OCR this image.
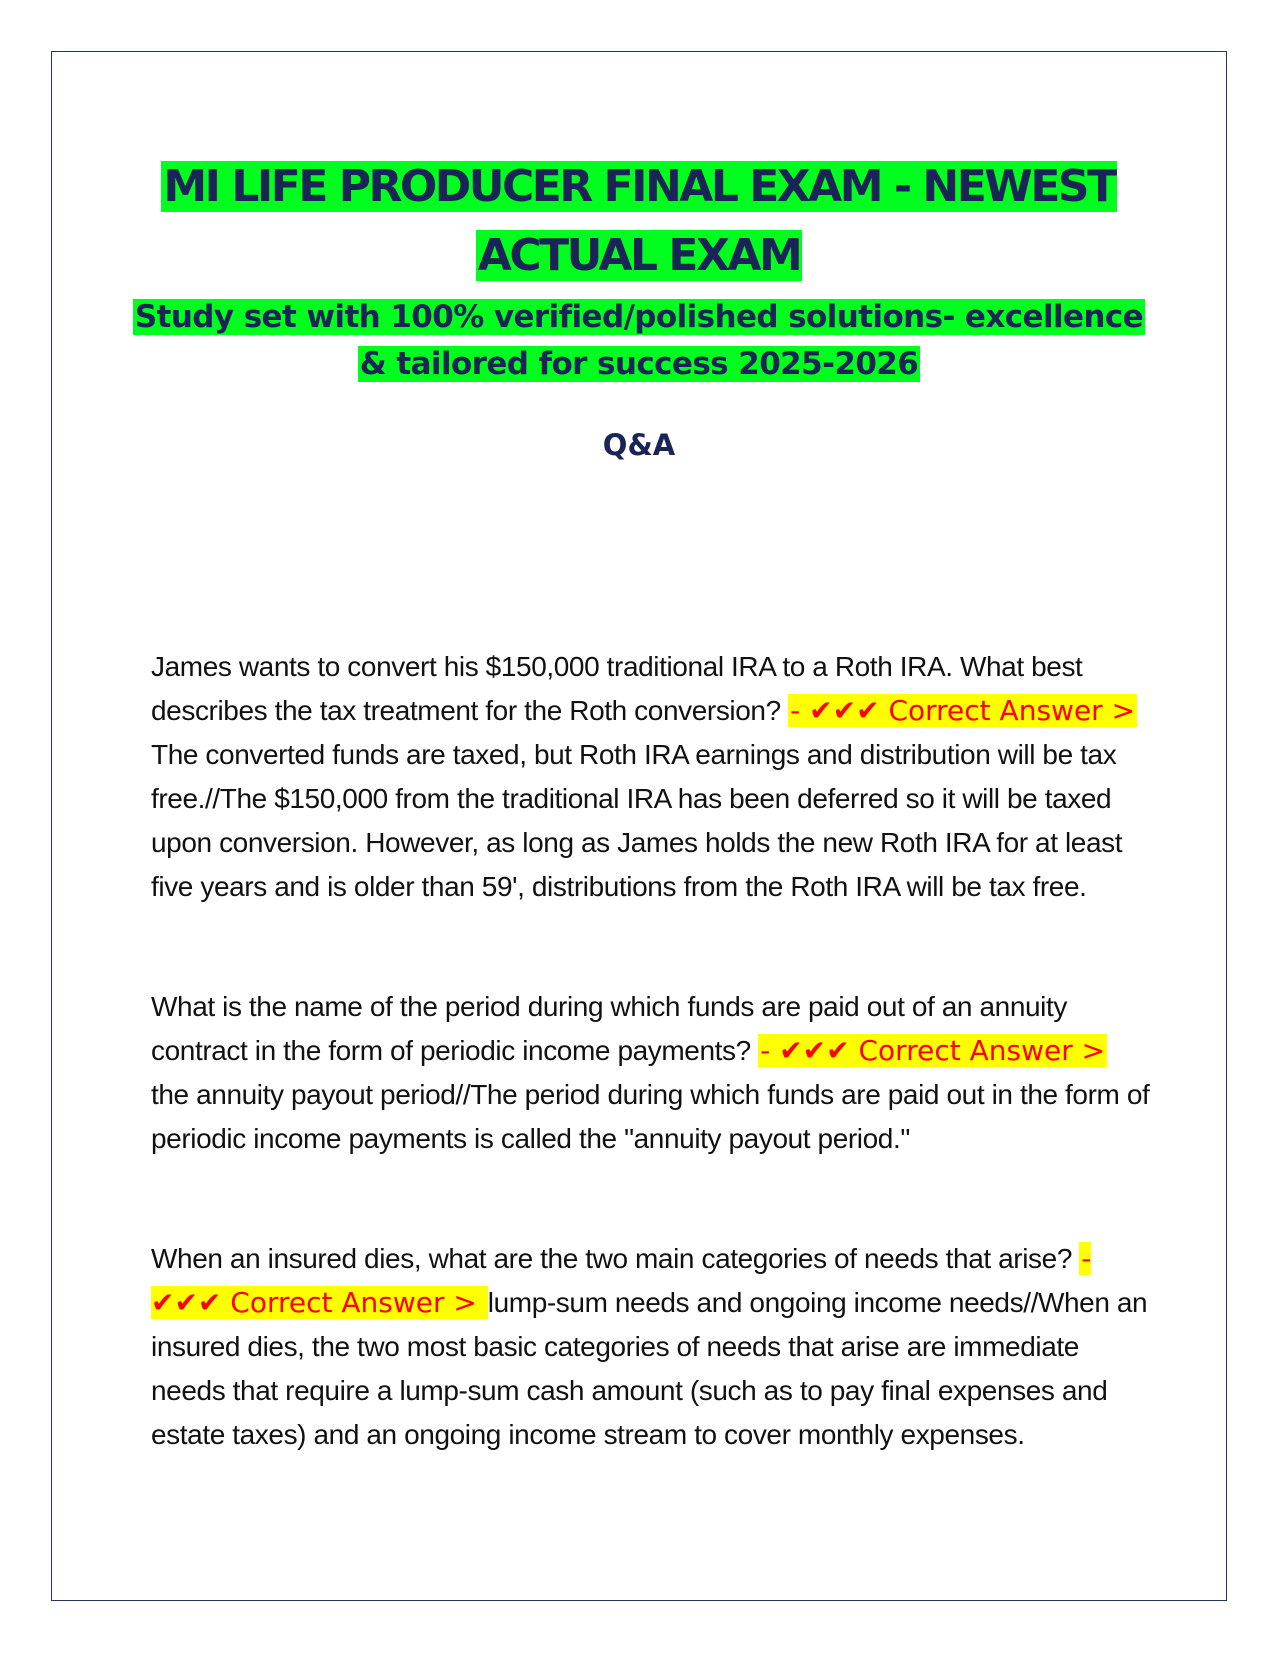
MI LIFE PRODUCER FINAL EXAM - NEWEST
ACTUAL EXAM
Study set with 100% verified/polished solutions- excellence
& tailored for success 2025-2026
Q&A
James wants to convert his $150,000 traditional IRA to a Roth IRA. What best describes the tax treatment for the Roth conversion? - ✔✔✔ Correct Answer > The converted funds are taxed, but Roth IRA earnings and distribution will be tax free.//The $150,000 from the traditional IRA has been deferred so it will be taxed upon conversion. However, as long as James holds the new Roth IRA for at least five years and is older than 59', distributions from the Roth IRA will be tax free.
What is the name of the period during which funds are paid out of an annuity contract in the form of periodic income payments? - ✔✔✔ Correct Answer > the annuity payout period//The period during which funds are paid out in the form of periodic income payments is called the "annuity payout period."
When an insured dies, what are the two main categories of needs that arise? - ✔✔✔ Correct Answer > lump-sum needs and ongoing income needs//When an insured dies, the two most basic categories of needs that arise are immediate needs that require a lump-sum cash amount (such as to pay final expenses and estate taxes) and an ongoing income stream to cover monthly expenses.
